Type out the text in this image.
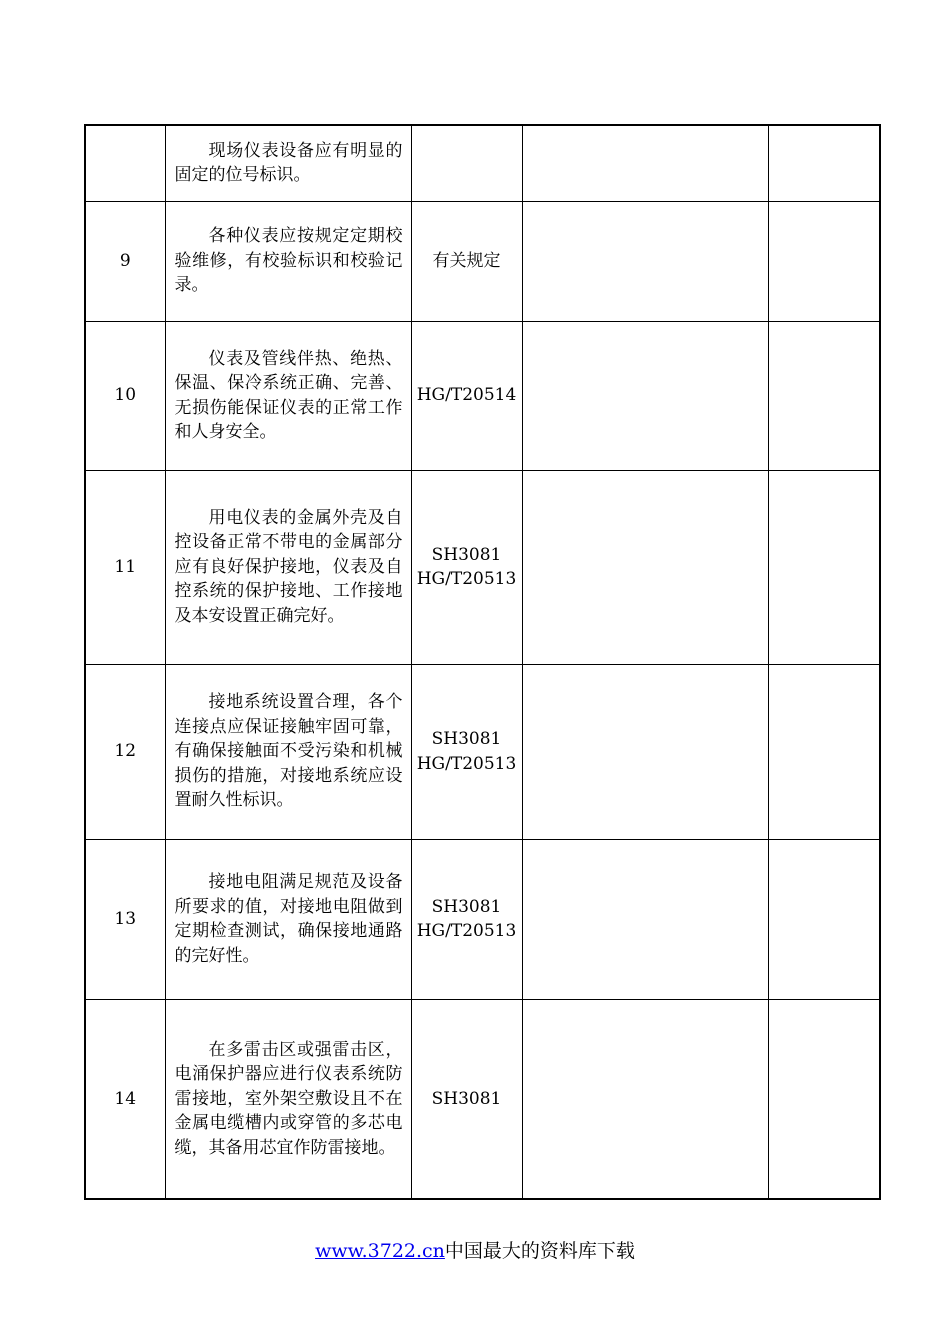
	现场仪表设备应有明显的固定的位号标识。			

9	各种仪表应按规定定期校验维修，有校验标识和校验记录。	有关规定		

10	仪表及管线伴热、绝热、保温、保冷系统正确、完善、无损伤能保证仪表的正常工作和人身安全。	HG/T20514		

11	用电仪表的金属外壳及自控设备正常不带电的金属部分应有良好保护接地，仪表及自控系统的保护接地、工作接地及本安设置正确完好。	SH3081
HG/T20513		

12	接地系统设置合理，各个连接点应保证接触牢固可靠，有确保接触面不受污染和机械损伤的措施，对接地系统应设置耐久性标识。	SH3081
HG/T20513		

13	接地电阻满足规范及设备所要求的值，对接地电阻做到定期检查测试，确保接地通路的完好性。	SH3081
HG/T20513		

14	在多雷击区或强雷击区，电涌保护器应进行仪表系统防雷接地，室外架空敷设且不在金属电缆槽内或穿管的多芯电缆，其备用芯宜作防雷接地。	SH3081		

www.3722.cn中国最大的资料库下载
